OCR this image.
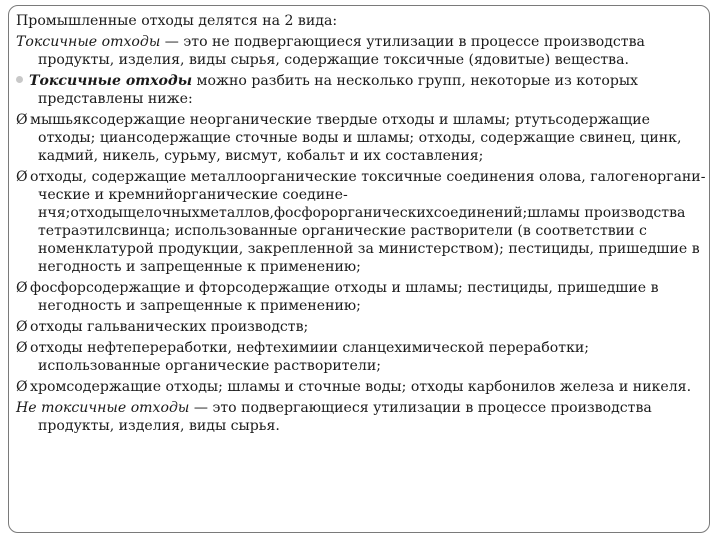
Промышленные отходы делятся на 2 вида:
Токсичные отходы — это не подвергающиеся утилизации в процессе производства продукты, изделия, виды сырья, содержащие токсичные (ядовитые) вещества.
Токсичные отходы можно разбить на несколько групп, некоторые из которых представлены ниже:
Ø мышьяксодержащие неорганические твердые отходы и шламы; ртутьсодержащие отходы; циансодержащие сточные воды и шламы; отходы, содержащие свинец, цинк, кадмий, никель, сурьму, висмут, кобальт и их составления;
Ø отходы, содержащие металлоорганические токсичные соединения олова, галогенорганические и кремнийорганические соедине-нчя;отходыщелочныхметаллов,фосфорорганическихсоединений;шламы производства тетраэтилсвинца; использованные органические растворители (в соответствии с номенклатурой продукции, закрепленной за министерством); пестициды, пришедшие в негодность и запрещенные к применению;
Ø фосфорсодержащие и фторсодержащие отходы и шламы; пестициды, пришедшие в негодность и запрещенные к применению;
Ø отходы гальванических производств;
Ø отходы нефтепереработки, нефтехимиии сланцехимической переработки; использованные органические растворители;
Ø хромсодержащие отходы; шламы и сточные воды; отходы карбонилов железа и никеля.
Не токсичные отходы — это подвергающиеся утилизации в процессе производства продукты, изделия, виды сырья.
